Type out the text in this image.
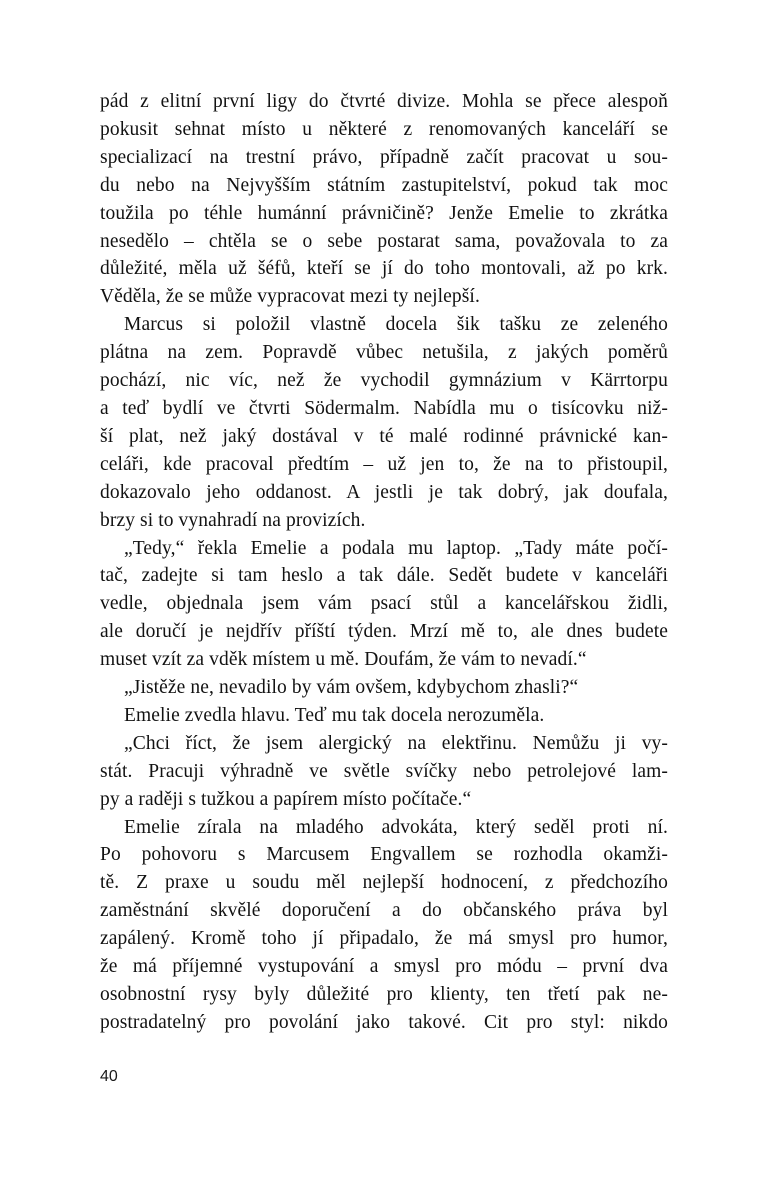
pád z elitní první ligy do čtvrté divize. Mohla se přece alespoň
pokusit sehnat místo u některé z renomovaných kanceláří se
specializací na trestní právo, případně začít pracovat u sou-
du nebo na Nejvyšším státním zastupitelství, pokud tak moc
toužila po téhle humánní právničině? Jenže Emelie to zkrátka
nesedělo – chtěla se o sebe postarat sama, považovala to za
důležité, měla už šéfů, kteří se jí do toho montovali, až po krk.
Věděla, že se může vypracovat mezi ty nejlepší.
Marcus si položil vlastně docela šik tašku ze zeleného
plátna na zem. Popravdě vůbec netušila, z jakých poměrů
pochází, nic víc, než že vychodil gymnázium v Kärrtorpu
a teď bydlí ve čtvrti Södermalm. Nabídla mu o tisícovku niž-
ší plat, než jaký dostával v té malé rodinné právnické kan-
celáři, kde pracoval předtím – už jen to, že na to přistoupil,
dokazovalo jeho oddanost. A jestli je tak dobrý, jak doufala,
brzy si to vynahradí na provizích.
„Tedy,“ řekla Emelie a podala mu laptop. „Tady máte počí-
tač, zadejte si tam heslo a tak dále. Sedět budete v kanceláři
vedle, objednala jsem vám psací stůl a kancelářskou židli,
ale doručí je nejdřív příští týden. Mrzí mě to, ale dnes budete
muset vzít za vděk místem u mě. Doufám, že vám to nevadí.“
„Jistěže ne, nevadilo by vám ovšem, kdybychom zhasli?“
Emelie zvedla hlavu. Teď mu tak docela nerozuměla.
„Chci říct, že jsem alergický na elektřinu. Nemůžu ji vy-
stát. Pracuji výhradně ve světle svíčky nebo petrolejové lam-
py a raději s tužkou a papírem místo počítače.“
Emelie zírala na mladého advokáta, který seděl proti ní.
Po pohovoru s Marcusem Engvallem se rozhodla okamži-
tě. Z praxe u soudu měl nejlepší hodnocení, z předchozího
zaměstnání skvělé doporučení a do občanského práva byl
zapálený. Kromě toho jí připadalo, že má smysl pro humor,
že má příjemné vystupování a smysl pro módu – první dva
osobnostní rysy byly důležité pro klienty, ten třetí pak ne-
postradatelný pro povolání jako takové. Cit pro styl: nikdo
40
